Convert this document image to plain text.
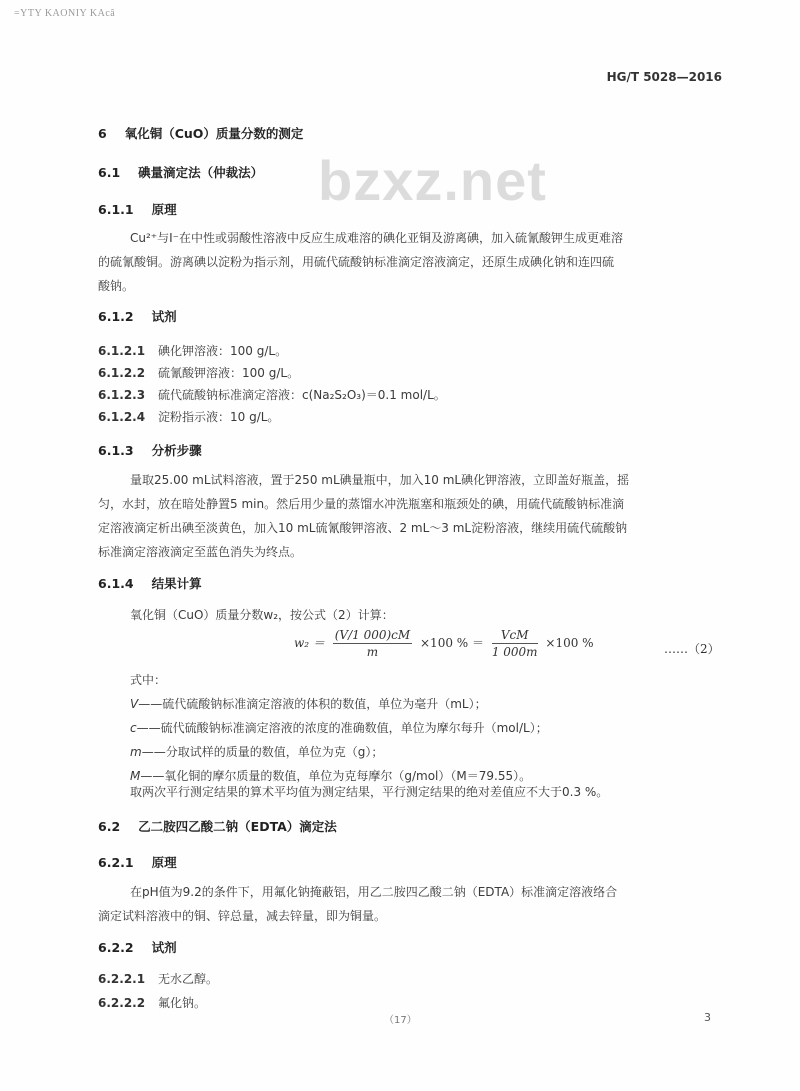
=YTY KAONIY KAcâ
HG/T 5028—2016
bzxz.net
6 氧化铜（CuO）质量分数的测定
6.1 碘量滴定法（仲裁法）
6.1.1 原理
Cu²⁺与I⁻在中性或弱酸性溶液中反应生成难溶的碘化亚铜及游离碘，加入硫氰酸钾生成更难溶
的硫氰酸铜。游离碘以淀粉为指示剂，用硫代硫酸钠标准滴定溶液滴定，还原生成碘化钠和连四硫
酸钠。
6.1.2 试剂
6.1.2.1 碘化钾溶液：100 g/L。
6.1.2.2 硫氰酸钾溶液：100 g/L。
6.1.2.3 硫代硫酸钠标准滴定溶液：c(Na₂S₂O₃)＝0.1 mol/L。
6.1.2.4 淀粉指示液：10 g/L。
6.1.3 分析步骤
量取25.00 mL试料溶液，置于250 mL碘量瓶中，加入10 mL碘化钾溶液，立即盖好瓶盖，摇
匀，水封，放在暗处静置5 min。然后用少量的蒸馏水冲洗瓶塞和瓶颈处的碘，用硫代硫酸钠标准滴
定溶液滴定析出碘至淡黄色，加入10 mL硫氰酸钾溶液、2 mL～3 mL淀粉溶液，继续用硫代硫酸钠
标准滴定溶液滴定至蓝色消失为终点。
6.1.4 结果计算
氧化铜（CuO）质量分数w₂，按公式（2）计算：
$w_2 = \frac{(V/1 000)cM}{m} \times 100$ % ＝ $\frac{\text{VcM}}{1 000m} \times 100$ %	……（2）
式中：
V——硫代硫酸钠标准滴定溶液的体积的数值，单位为毫升（mL）；
c——硫代硫酸钠标准滴定溶液的浓度的准确数值，单位为摩尔每升（mol/L）；
m——分取试样的质量的数值，单位为克（g）；
M——氧化铜的摩尔质量的数值，单位为克每摩尔（g/mol）（M＝79.55）。
取两次平行测定结果的算术平均值为测定结果，平行测定结果的绝对差值应不大于0.3 %。
6.2 乙二胺四乙酸二钠（EDTA）滴定法
6.2.1 原理
在pH值为9.2的条件下，用氟化钠掩蔽铝，用乙二胺四乙酸二钠（EDTA）标准滴定溶液络合
滴定试料溶液中的铜、锌总量，减去锌量，即为铜量。
6.2.2 试剂
6.2.2.1 无水乙醇。
6.2.2.2 氟化钠。
（17）	3
